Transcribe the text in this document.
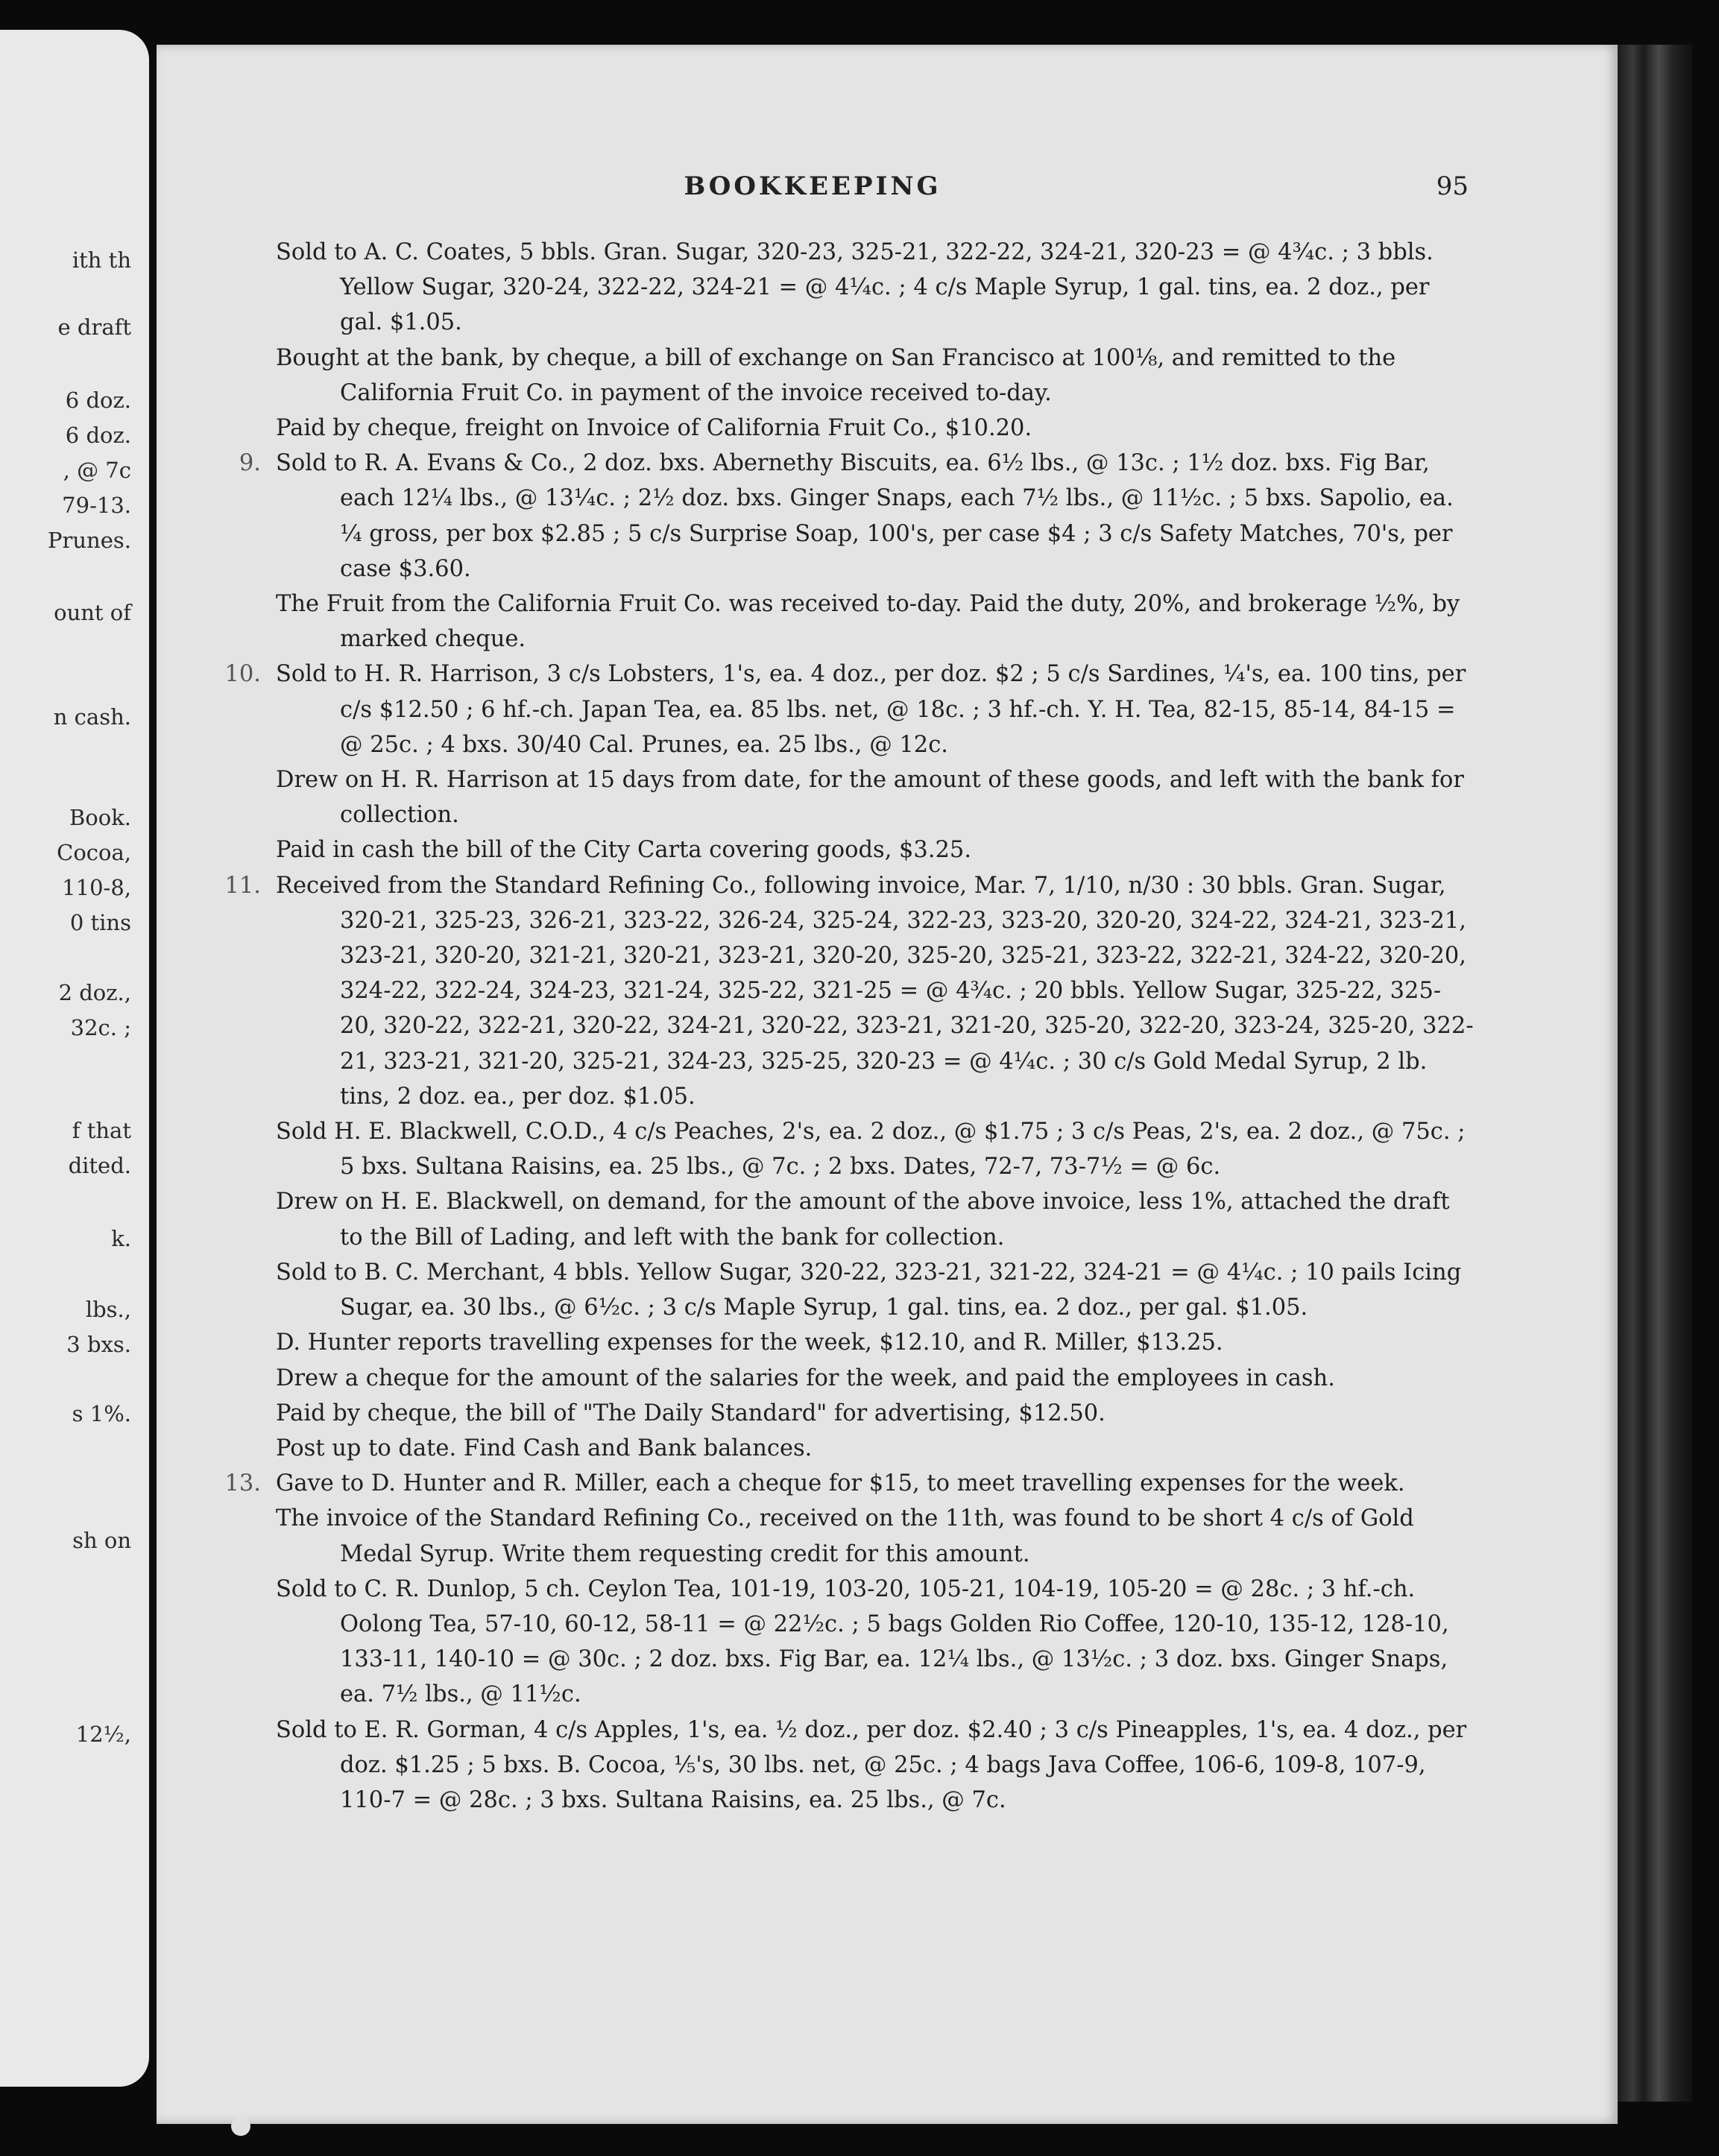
ith th
e draft
6 doz.
6 doz.
, @ 7c
79-13.
Prunes.
ount of
n cash.
Book.
Cocoa,
110-8,
0 tins
2 doz.,
32c. ;
f that
dited.
k.
lbs.,
3 bxs.
s 1%.
sh on
12½,
BOOKKEEPING	95
Sold to A. C. Coates, 5 bbls. Gran. Sugar, 320-23, 325-21, 322-22, 324-21, 320-23 = @ 4¾c. ; 3 bbls. Yellow Sugar, 320-24, 322-22, 324-21 = @ 4¼c. ; 4 c/s Maple Syrup, 1 gal. tins, ea. 2 doz., per gal. $1.05.
Bought at the bank, by cheque, a bill of exchange on San Francisco at 100⅛, and remitted to the California Fruit Co. in payment of the invoice received to-day.
Paid by cheque, freight on Invoice of California Fruit Co., $10.20.
9. Sold to R. A. Evans & Co., 2 doz. bxs. Abernethy Biscuits, ea. 6½ lbs., @ 13c. ; 1½ doz. bxs. Fig Bar, each 12¼ lbs., @ 13¼c. ; 2½ doz. bxs. Ginger Snaps, each 7½ lbs., @ 11½c. ; 5 bxs. Sapolio, ea. ¼ gross, per box $2.85 ; 5 c/s Surprise Soap, 100's, per case $4 ; 3 c/s Safety Matches, 70's, per case $3.60.
The Fruit from the California Fruit Co. was received to-day. Paid the duty, 20%, and brokerage ½%, by marked cheque.
10. Sold to H. R. Harrison, 3 c/s Lobsters, 1's, ea. 4 doz., per doz. $2 ; 5 c/s Sardines, ¼'s, ea. 100 tins, per c/s $12.50 ; 6 hf.-ch. Japan Tea, ea. 85 lbs. net, @ 18c. ; 3 hf.-ch. Y. H. Tea, 82-15, 85-14, 84-15 = @ 25c. ; 4 bxs. 30/40 Cal. Prunes, ea. 25 lbs., @ 12c.
Drew on H. R. Harrison at 15 days from date, for the amount of these goods, and left with the bank for collection.
Paid in cash the bill of the City Carta covering goods, $3.25.
11. Received from the Standard Refining Co., following invoice, Mar. 7, 1/10, n/30 : 30 bbls. Gran. Sugar, 320-21, 325-23, 326-21, 323-22, 326-24, 325-24, 322-23, 323-20, 320-20, 324-22, 324-21, 323-21, 323-21, 320-20, 321-21, 320-21, 323-21, 320-20, 325-20, 325-21, 323-22, 322-21, 324-22, 320-20, 324-22, 322-24, 324-23, 321-24, 325-22, 321-25 = @ 4¾c. ; 20 bbls. Yellow Sugar, 325-22, 325-20, 320-22, 322-21, 320-22, 324-21, 320-22, 323-21, 321-20, 325-20, 322-20, 323-24, 325-20, 322-21, 323-21, 321-20, 325-21, 324-23, 325-25, 320-23 = @ 4¼c. ; 30 c/s Gold Medal Syrup, 2 lb. tins, 2 doz. ea., per doz. $1.05.
Sold H. E. Blackwell, C.O.D., 4 c/s Peaches, 2's, ea. 2 doz., @ $1.75 ; 3 c/s Peas, 2's, ea. 2 doz., @ 75c. ; 5 bxs. Sultana Raisins, ea. 25 lbs., @ 7c. ; 2 bxs. Dates, 72-7, 73-7½ = @ 6c.
Drew on H. E. Blackwell, on demand, for the amount of the above invoice, less 1%, attached the draft to the Bill of Lading, and left with the bank for collection.
Sold to B. C. Merchant, 4 bbls. Yellow Sugar, 320-22, 323-21, 321-22, 324-21 = @ 4¼c. ; 10 pails Icing Sugar, ea. 30 lbs., @ 6½c. ; 3 c/s Maple Syrup, 1 gal. tins, ea. 2 doz., per gal. $1.05.
D. Hunter reports travelling expenses for the week, $12.10, and R. Miller, $13.25.
Drew a cheque for the amount of the salaries for the week, and paid the employees in cash.
Paid by cheque, the bill of "The Daily Standard" for advertising, $12.50.
Post up to date. Find Cash and Bank balances.
13. Gave to D. Hunter and R. Miller, each a cheque for $15, to meet travelling expenses for the week.
The invoice of the Standard Refining Co., received on the 11th, was found to be short 4 c/s of Gold Medal Syrup. Write them requesting credit for this amount.
Sold to C. R. Dunlop, 5 ch. Ceylon Tea, 101-19, 103-20, 105-21, 104-19, 105-20 = @ 28c. ; 3 hf.-ch. Oolong Tea, 57-10, 60-12, 58-11 = @ 22½c. ; 5 bags Golden Rio Coffee, 120-10, 135-12, 128-10, 133-11, 140-10 = @ 30c. ; 2 doz. bxs. Fig Bar, ea. 12¼ lbs., @ 13½c. ; 3 doz. bxs. Ginger Snaps, ea. 7½ lbs., @ 11½c.
Sold to E. R. Gorman, 4 c/s Apples, 1's, ea. ½ doz., per doz. $2.40 ; 3 c/s Pineapples, 1's, ea. 4 doz., per doz. $1.25 ; 5 bxs. B. Cocoa, ⅕'s, 30 lbs. net, @ 25c. ; 4 bags Java Coffee, 106-6, 109-8, 107-9, 110-7 = @ 28c. ; 3 bxs. Sultana Raisins, ea. 25 lbs., @ 7c.
